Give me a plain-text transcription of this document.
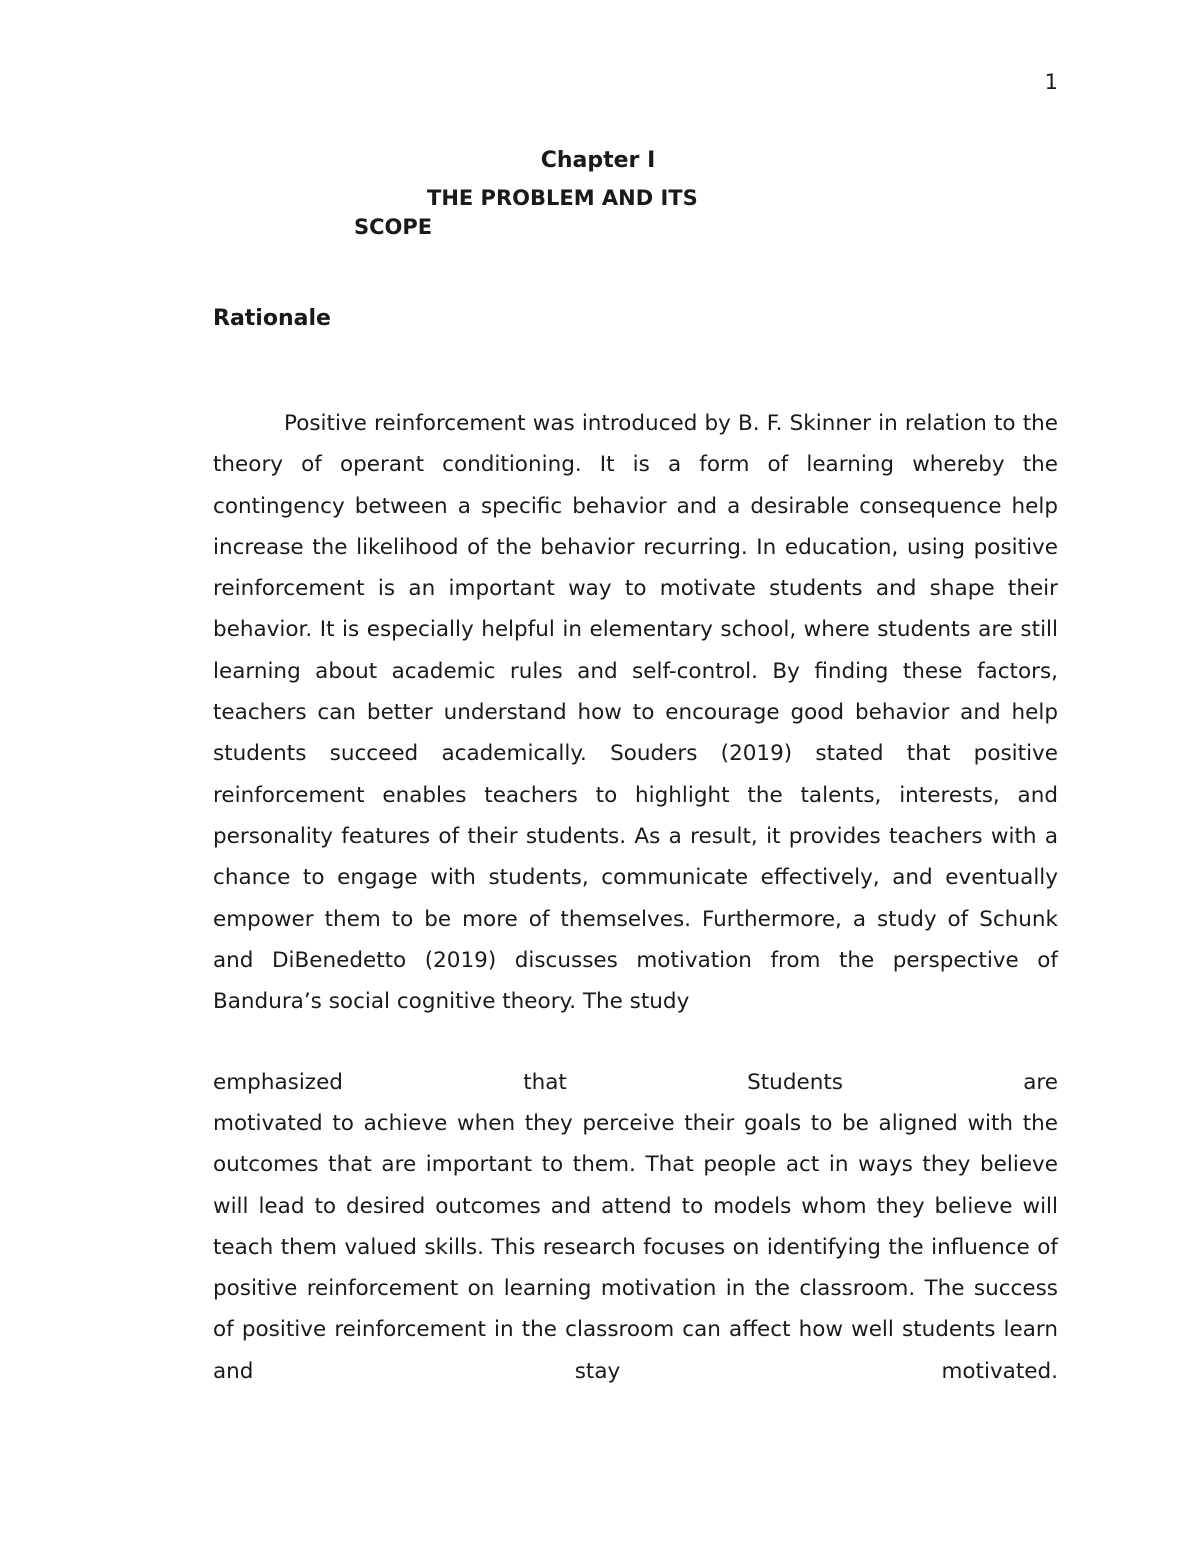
1
Chapter I
THE PROBLEM AND ITS SCOPE
Rationale

Positive reinforcement was introduced by B. F. Skinner in relation to the theory of operant conditioning. It is a form of learning whereby the contingency between a specific behavior and a desirable consequence help increase the likelihood of the behavior recurring. In education, using positive reinforcement is an important way to motivate students and shape their behavior. It is especially helpful in elementary school, where students are still learning about academic rules and self-control. By finding these factors, teachers can better understand how to encourage good behavior and help students succeed academically. Souders (2019) stated that positive reinforcement enables teachers to highlight the talents, interests, and personality features of their students. As a result, it provides teachers with a chance to engage with students, communicate effectively, and eventually empower them to be more of themselves. Furthermore, a study of Schunk and DiBenedetto (2019) discusses motivation from the perspective of Bandura’s social cognitive theory. The study

emphasized	that	Students	are

motivated to achieve when they perceive their goals to be aligned with the outcomes that are important to them. That people act in ways they believe will lead to desired outcomes and attend to models whom they believe will teach them valued skills. This research focuses on identifying the influence of positive reinforcement on learning motivation in the classroom. The success of positive reinforcement in the classroom can affect how well students learn and stay motivated.
